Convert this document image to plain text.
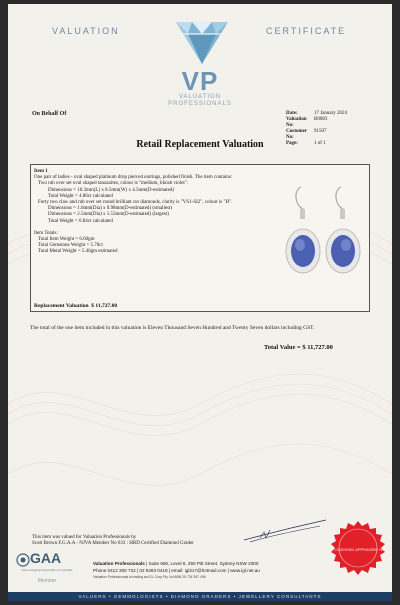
VALUATION	CERTIFICATE
VP
VALUATION
PROFESSIONALS
On Behalf Of	Date:	17 January 2024
Valuation No:
B0083
Customer No:
91507
Page:	1 of 1
Retail Replacement Valuation
Item 1
One pair of ladies - oval shaped platinum drop pierced earrings, polished finish. The item contains:
Two rub over set oval shaped tanzanites, colour is "medium, bluish violet".
Dimensions = 10.3mm(L) x 8.5mm(W) x 4.5mm(D-estimated)
Total Weight = 4.86ct calculated
Forty two claw and rub over set round brilliant cut diamonds, clarity is "VS1-SI2", colour is "H".
Dimensions = 1.6mm(Dia) x 0.98mm(D-estimated) (smallest)
Dimensions = 2.5mm(Dia) x 1.53mm(D-estimated) (largest)
Total Weight = 0.84ct calculated
Item Totals:
Total Item Weight = 6.60gm
Total Gemstone Weight = 5.70ct
Total Metal Weight = 5.46gm estimated
Replacement Valuation $ 11,727.00
The total of the one item included in this valuation is Eleven Thousand Seven Hundred and Twenty Seven dollars including GST.
Total Value = $ 11,727.00
This item was valued for Valuation Professionals by
Scott Brown F.G.A.A - NJVA Member No 033 : HRD Certified Diamond Grader
NSW LICENSED APPRAISER No 033
GAA
Gemmological Association of Australia
Member
Valuation Professionals | Suite 606, Level 6, 250 Pitt Street, Sydney NSW 2000
Phone 0412 300 732 | 02 9283 0419 | email: igl217@hotmail.com | www.igl.net.au
Valuation Professionals is trading as IGL Corp Pty Ltd ABN 25 734 397 496
VALUERS • GEMMOLOGISTS • DIAMOND GRADERS • JEWELLERY CONSULTANTS
